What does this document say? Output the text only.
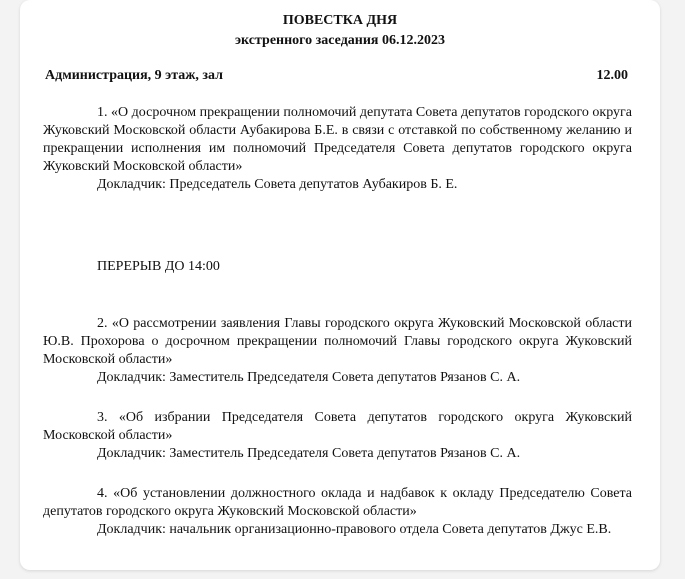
ПОВЕСТКА ДНЯ
экстренного заседания 06.12.2023
Администрация, 9 этаж, зал	12.00

1. «О досрочном прекращении полномочий депутата Совета депутатов городского округа Жуковский Московской области Аубакирова Б.Е. в связи с отставкой по собственному желанию и прекращении исполнения им полномочий Председателя Совета депутатов городского округа Жуковский Московской области»

Докладчик: Председатель Совета депутатов Аубакиров Б. Е.

ПЕРЕРЫВ ДО 14:00

2. «О рассмотрении заявления Главы городского округа Жуковский Московской области Ю.В. Прохорова о досрочном прекращении полномочий Главы городского округа Жуковский Московской области»

Докладчик: Заместитель Председателя Совета депутатов Рязанов С. А.

3. «Об избрании Председателя Совета депутатов городского округа Жуковский Московской области»

Докладчик: Заместитель Председателя Совета депутатов Рязанов С. А.

4. «Об установлении должностного оклада и надбавок к окладу Председателю Совета депутатов городского округа Жуковский Московской области»

Докладчик: начальник организационно-правового отдела Совета депутатов Джус Е.В.
